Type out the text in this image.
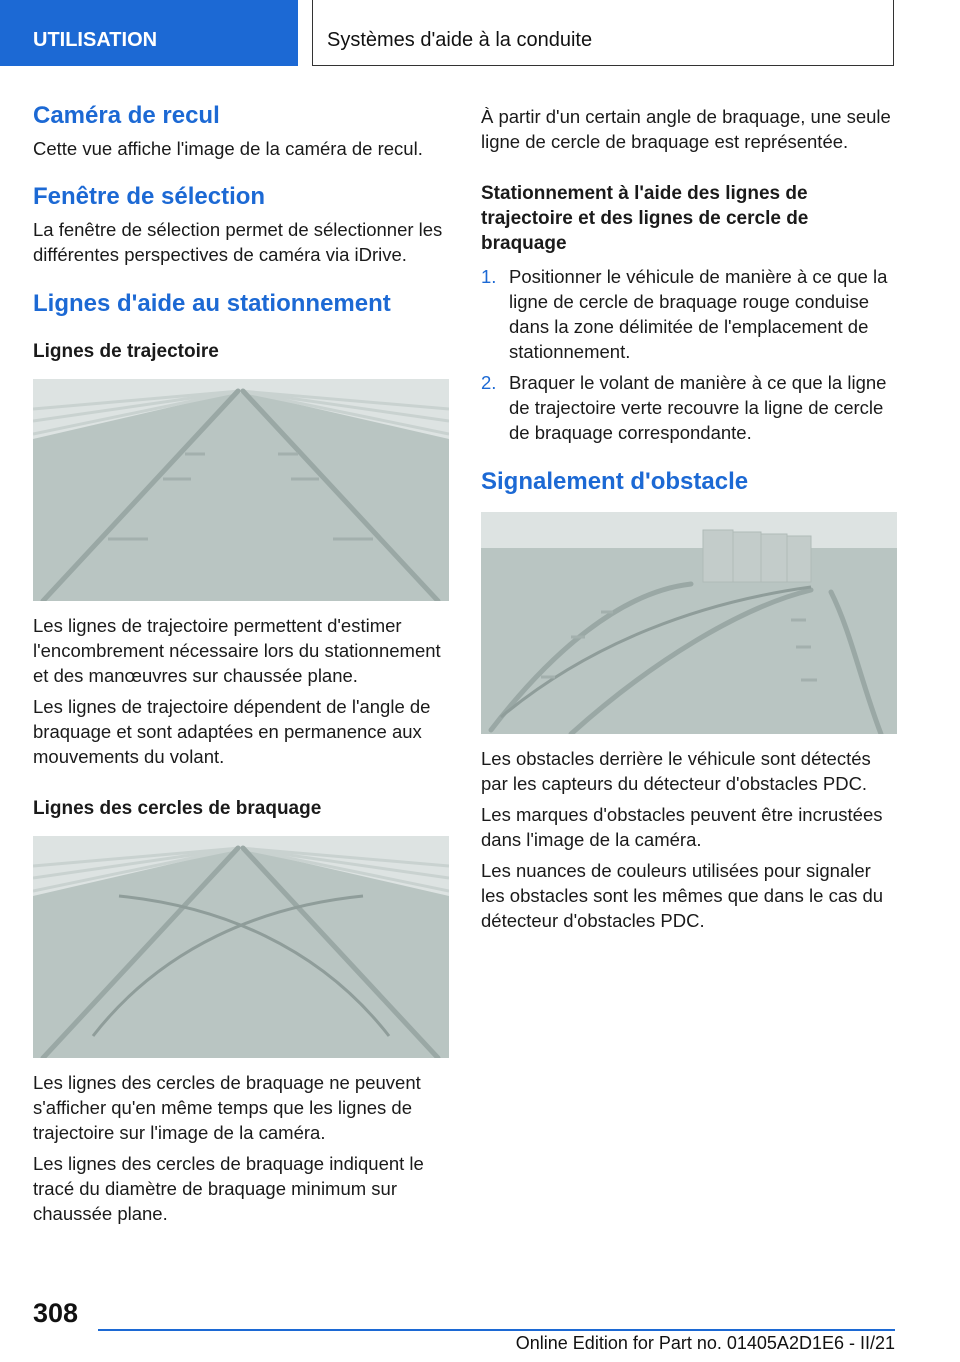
UTILISATION	Systèmes d'aide à la conduite
Caméra de recul

Cette vue affiche l'image de la caméra de recul.

Fenêtre de sélection

La fenêtre de sélection permet de sélectionner les différentes perspectives de caméra via iDrive.

Lignes d'aide au stationnement
Lignes de trajectoire

Les lignes de trajectoire permettent d'estimer l'encombrement nécessaire lors du stationnement et des manœuvres sur chaussée plane.

Les lignes de trajectoire dépendent de l'angle de braquage et sont adaptées en permanence aux mouvements du volant.

Lignes des cercles de braquage

Les lignes des cercles de braquage ne peuvent s'afficher qu'en même temps que les lignes de trajectoire sur l'image de la caméra.

Les lignes des cercles de braquage indiquent le tracé du diamètre de braquage minimum sur chaussée plane.

À partir d'un certain angle de braquage, une seule ligne de cercle de braquage est représentée.

Stationnement à l'aide des lignes de trajectoire et des lignes de cercle de braquage
1. Positionner le véhicule de manière à ce que la ligne de cercle de braquage rouge conduise dans la zone délimitée de l'emplacement de stationnement.
2. Braquer le volant de manière à ce que la ligne de trajectoire verte recouvre la ligne de cercle de braquage correspondante.
Signalement d'obstacle

Les obstacles derrière le véhicule sont détectés par les capteurs du détecteur d'obstacles PDC.

Les marques d'obstacles peuvent être incrustées dans l'image de la caméra.

Les nuances de couleurs utilisées pour signaler les obstacles sont les mêmes que dans le cas du détecteur d'obstacles PDC.

308
Online Edition for Part no. 01405A2D1E6 - II/21
